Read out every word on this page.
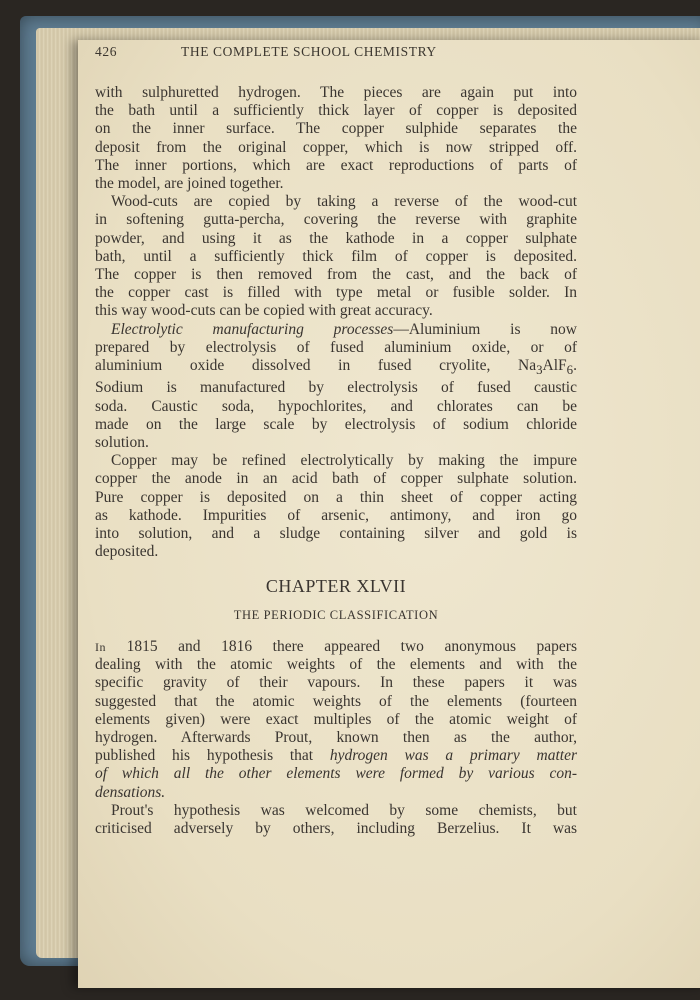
426	THE COMPLETE SCHOOL CHEMISTRY
with sulphuretted hydrogen. The pieces are again put into
the bath until a sufficiently thick layer of copper is deposited
on the inner surface. The copper sulphide separates the
deposit from the original copper, which is now stripped off.
The inner portions, which are exact reproductions of parts of
the model, are joined together.
Wood-cuts are copied by taking a reverse of the wood-cut
in softening gutta-percha, covering the reverse with graphite
powder, and using it as the kathode in a copper sulphate
bath, until a sufficiently thick film of copper is deposited.
The copper is then removed from the cast, and the back of
the copper cast is filled with type metal or fusible solder. In
this way wood-cuts can be copied with great accuracy.
Electrolytic manufacturing processes—Aluminium is now
prepared by electrolysis of fused aluminium oxide, or of
aluminium oxide dissolved in fused cryolite, $Na_3AlF_6$.
Sodium is manufactured by electrolysis of fused caustic
soda. Caustic soda, hypochlorites, and chlorates can be
made on the large scale by electrolysis of sodium chloride
solution.
Copper may be refined electrolytically by making the impure
copper the anode in an acid bath of copper sulphate solution.
Pure copper is deposited on a thin sheet of copper acting
as kathode. Impurities of arsenic, antimony, and iron go
into solution, and a sludge containing silver and gold is
deposited.
CHAPTER XLVII
THE PERIODIC CLASSIFICATION
In 1815 and 1816 there appeared two anonymous papers
dealing with the atomic weights of the elements and with the
specific gravity of their vapours. In these papers it was
suggested that the atomic weights of the elements (fourteen
elements given) were exact multiples of the atomic weight of
hydrogen. Afterwards Prout, known then as the author,
published his hypothesis that hydrogen was a primary matter
of which all the other elements were formed by various con-
densations.
Prout's hypothesis was welcomed by some chemists, but
criticised adversely by others, including Berzelius. It was
